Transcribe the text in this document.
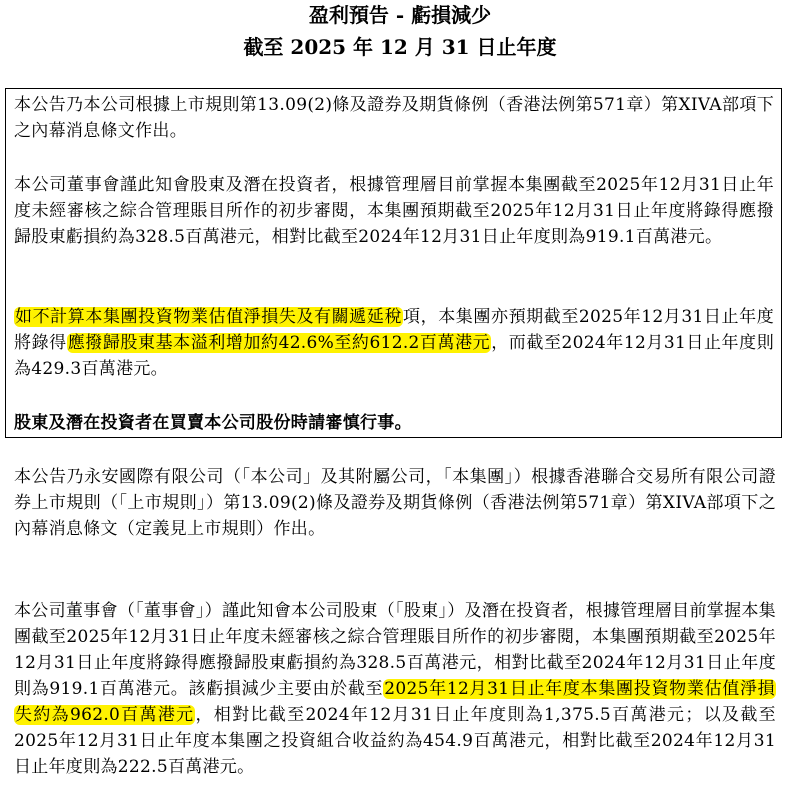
盈利預告 - 虧損減少
截至 2025 年 12 月 31 日止年度

本公告乃本公司根據上市規則第13.09(2)條及證券及期貨條例（香港法例第571章）第XIVA部項下之內幕消息條文作出。

本公司董事會謹此知會股東及潛在投資者，根據管理層目前掌握本集團截至2025年12月31日止年度未經審核之綜合管理賬目所作的初步審閱，本集團預期截至2025年12月31日止年度將錄得應撥歸股東虧損約為328.5百萬港元，相對比截至2024年12月31日止年度則為919.1百萬港元。

如不計算本集團投資物業估值淨損失及有關遞延稅項，本集團亦預期截至2025年12月31日止年度將錄得應撥歸股東基本溢利增加約42.6%至約612.2百萬港元，而截至2024年12月31日止年度則為429.3百萬港元。

股東及潛在投資者在買賣本公司股份時請審慎行事。

本公告乃永安國際有限公司（「本公司」及其附屬公司，「本集團」）根據香港聯合交易所有限公司證券上市規則（「上市規則」）第13.09(2)條及證券及期貨條例（香港法例第571章）第XIVA部項下之內幕消息條文（定義見上市規則）作出。

本公司董事會（「董事會」）謹此知會本公司股東（「股東」）及潛在投資者，根據管理層目前掌握本集團截至2025年12月31日止年度未經審核之綜合管理賬目所作的初步審閱，本集團預期截至2025年12月31日止年度將錄得應撥歸股東虧損約為328.5百萬港元，相對比截至2024年12月31日止年度則為919.1百萬港元。該虧損減少主要由於截至2025年12月31日止年度本集團投資物業估值淨損失約為962.0百萬港元，相對比截至2024年12月31日止年度則為1,375.5百萬港元；以及截至2025年12月31日止年度本集團之投資組合收益約為454.9百萬港元，相對比截至2024年12月31日止年度則為222.5百萬港元。
